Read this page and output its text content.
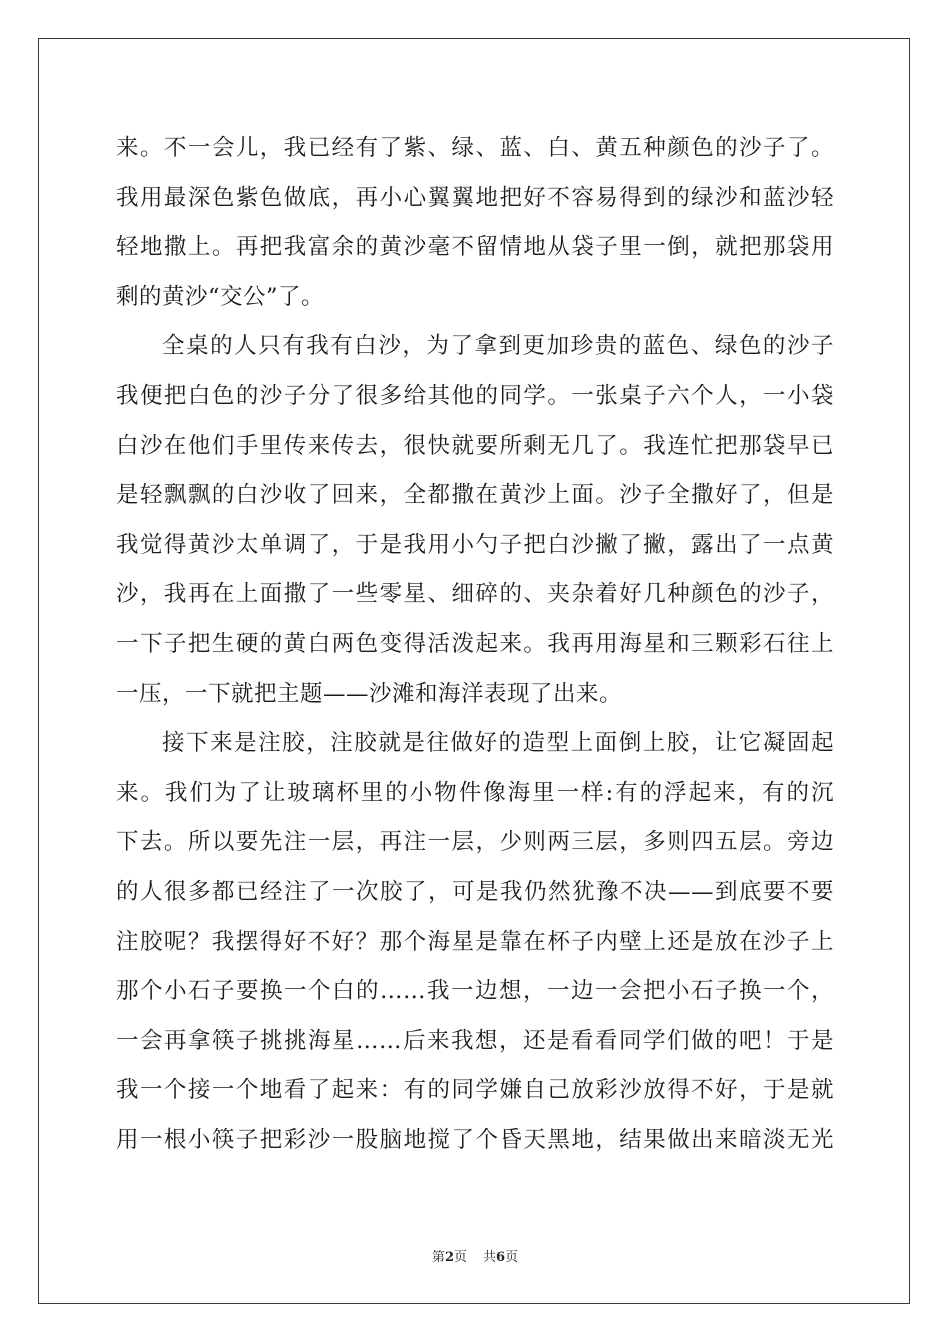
来。不一会儿，我已经有了紫、绿、蓝、白、黄五种颜色的沙子了。
我用最深色紫色做底，再小心翼翼地把好不容易得到的绿沙和蓝沙轻
轻地撒上。再把我富余的黄沙毫不留情地从袋子里一倒，就把那袋用
剩的黄沙“交公”了。
全桌的人只有我有白沙，为了拿到更加珍贵的蓝色、绿色的沙子
我便把白色的沙子分了很多给其他的同学。一张桌子六个人，一小袋
白沙在他们手里传来传去，很快就要所剩无几了。我连忙把那袋早已
是轻飘飘的白沙收了回来，全都撒在黄沙上面。沙子全撒好了，但是
我觉得黄沙太单调了，于是我用小勺子把白沙撇了撇，露出了一点黄
沙，我再在上面撒了一些零星、细碎的、夹杂着好几种颜色的沙子，
一下子把生硬的黄白两色变得活泼起来。我再用海星和三颗彩石往上
一压，一下就把主题——沙滩和海洋表现了出来。
接下来是注胶，注胶就是往做好的造型上面倒上胶，让它凝固起
来。我们为了让玻璃杯里的小物件像海里一样:有的浮起来，有的沉
下去。所以要先注一层，再注一层，少则两三层，多则四五层。旁边
的人很多都已经注了一次胶了，可是我仍然犹豫不决——到底要不要
注胶呢？我摆得好不好？那个海星是靠在杯子内壁上还是放在沙子上
那个小石子要换一个白的……我一边想，一边一会把小石子换一个，
一会再拿筷子挑挑海星……后来我想，还是看看同学们做的吧！于是
我一个接一个地看了起来：有的同学嫌自己放彩沙放得不好，于是就
用一根小筷子把彩沙一股脑地搅了个昏天黑地，结果做出来暗淡无光
第2页 共6页
